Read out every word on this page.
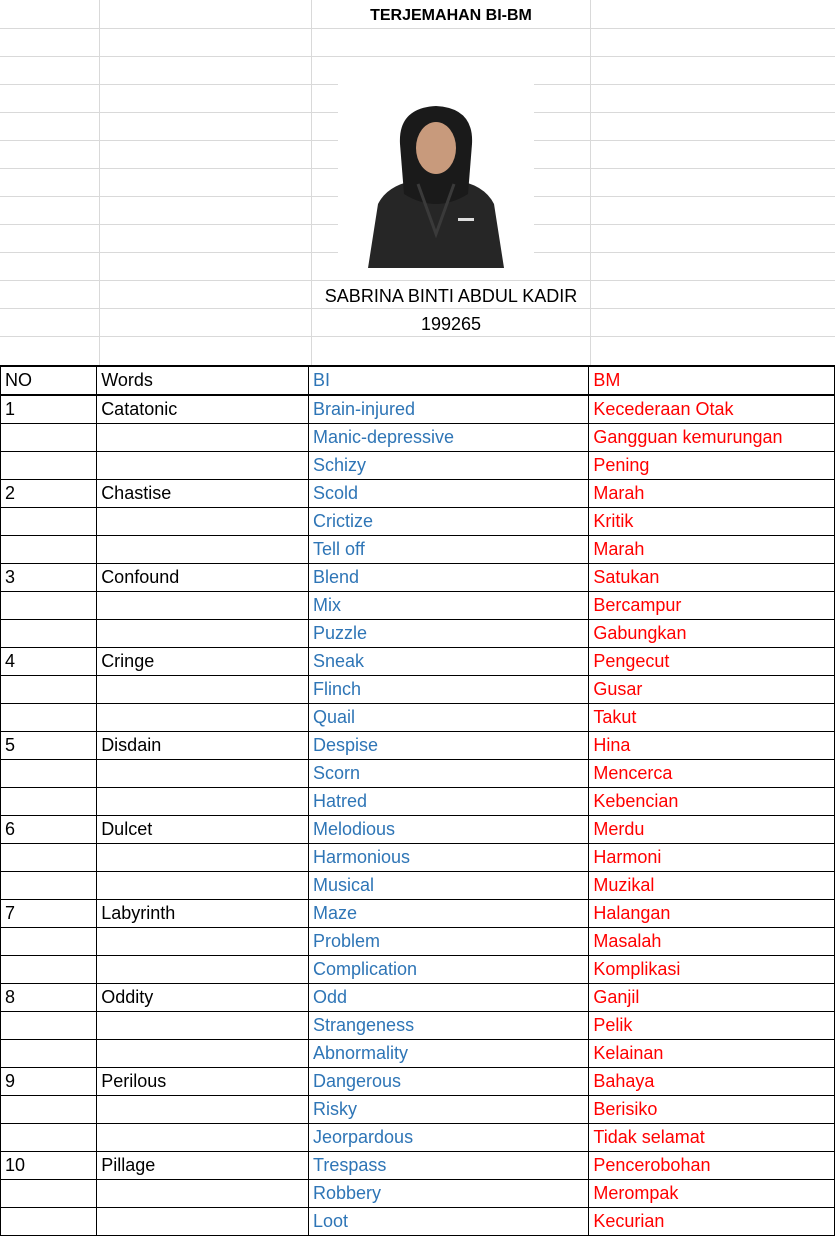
TERJEMAHAN BI-BM
SABRINA BINTI ABDUL KADIR
199265
NO	Words	BI	BM
1	Catatonic	Brain-injured	Kecederaan Otak
		Manic-depressive	Gangguan kemurungan
		Schizy	Pening
2	Chastise	Scold	Marah
		Crictize	Kritik
		Tell off	Marah
3	Confound	Blend	Satukan
		Mix	Bercampur
		Puzzle	Gabungkan
4	Cringe	Sneak	Pengecut
		Flinch	Gusar
		Quail	Takut
5	Disdain	Despise	Hina
		Scorn	Mencerca
		Hatred	Kebencian
6	Dulcet	Melodious	Merdu
		Harmonious	Harmoni
		Musical	Muzikal
7	Labyrinth	Maze	Halangan
		Problem	Masalah
		Complication	Komplikasi
8	Oddity	Odd	Ganjil
		Strangeness	Pelik
		Abnormality	Kelainan
9	Perilous	Dangerous	Bahaya
		Risky	Berisiko
		Jeorpardous	Tidak selamat
10	Pillage	Trespass	Pencerobohan
		Robbery	Merompak
		Loot	Kecurian
